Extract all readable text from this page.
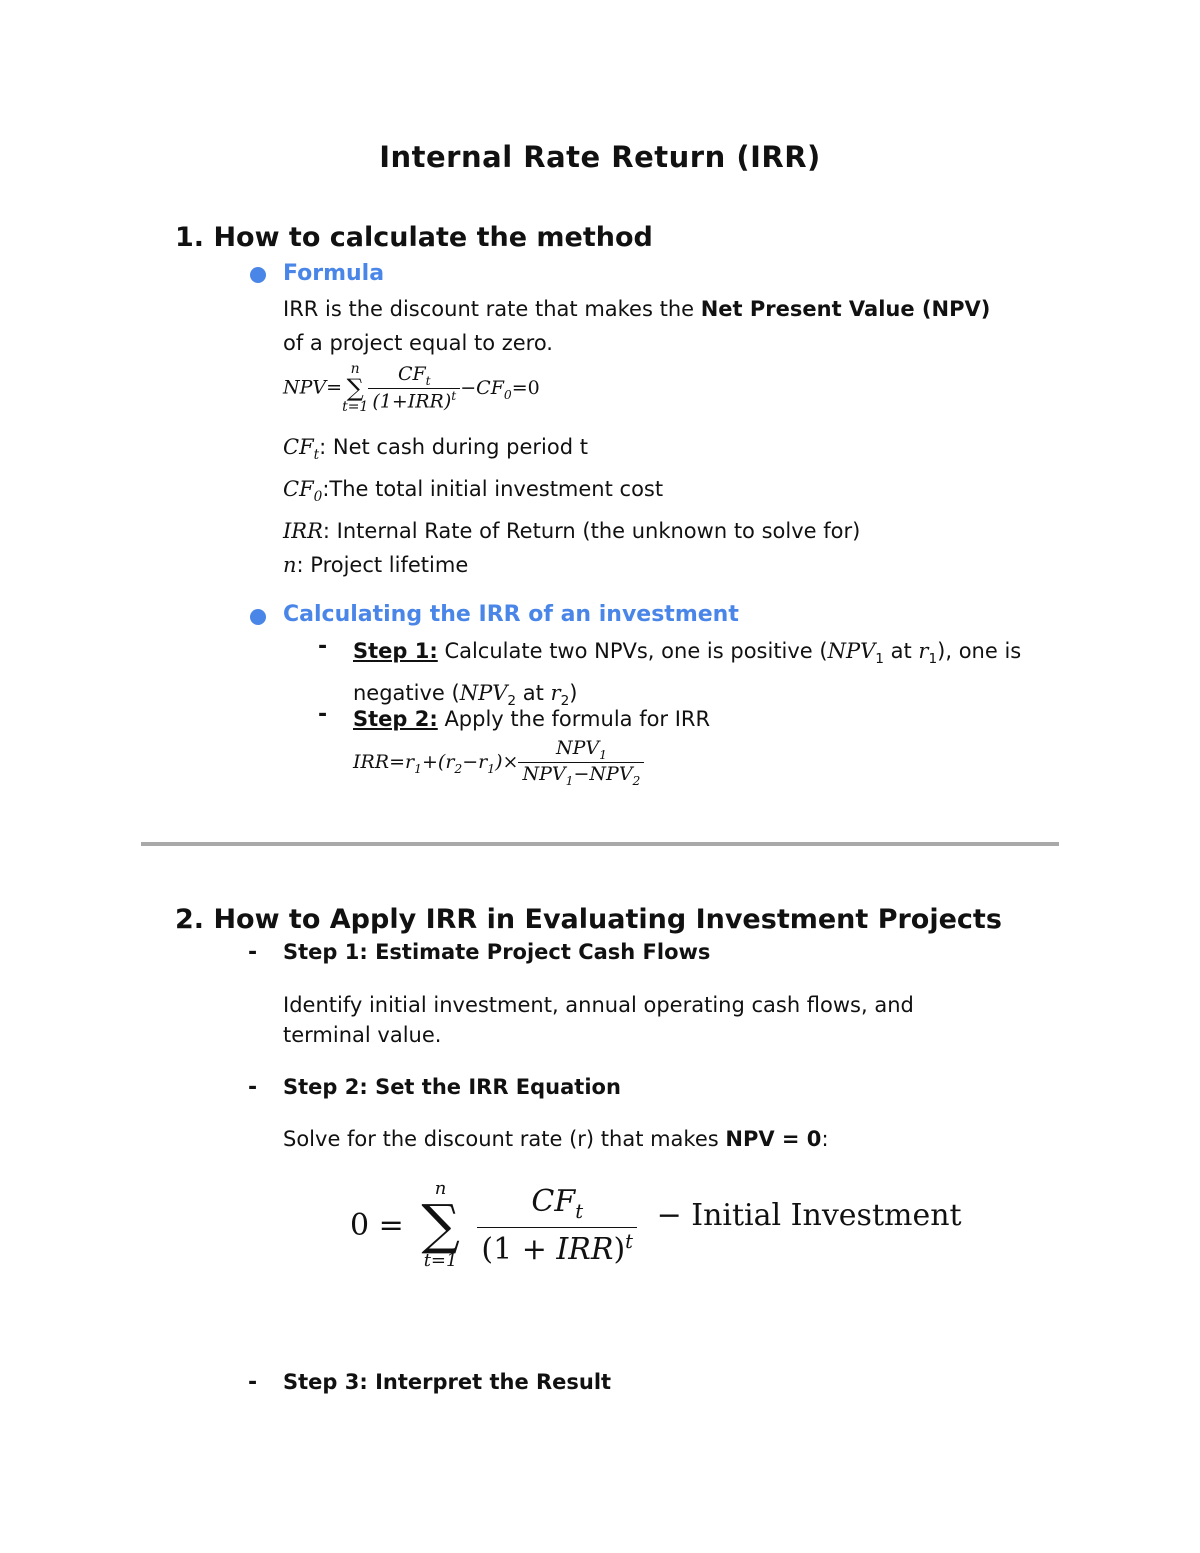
Internal Rate Return (IRR)
1. How to calculate the method
Formula
IRR is the discount rate that makes the Net Present Value (NPV)
of a project equal to zero.
NPV=
n
∑
$t=1 \frac{CF_t}{(1+IRR)^t} -CF_0=0$
$CF_t$: Net cash during period t
$CF_0:The$ total initial investment cost
IRR: Internal Rate of Return (the unknown to solve for)
n: Project lifetime
Calculating the IRR of an investment
- Step 1: Calculate two NPVs, one is positive ($NPV_1$ at $r_1$), one is
negative ($NPV_2$ at $r_2$)
- Step 2: Apply the formula for IRR
$IRR=r_1+(r_2-r_1)\times \frac{NPV_1}{NPV_1-NPV_2}$
2. How to Apply IRR in Evaluating Investment Projects
- Step 1: Estimate Project Cash Flows
Identify initial investment, annual operating cash flows, and
terminal value.
- Step 2: Set the IRR Equation
Solve for the discount rate (r) that makes NPV = 0:
0 =
n
∑
t=1
$\frac{CF_t}{(1 + IRR)^t}$ − Initial Investment
- Step 3: Interpret the Result
